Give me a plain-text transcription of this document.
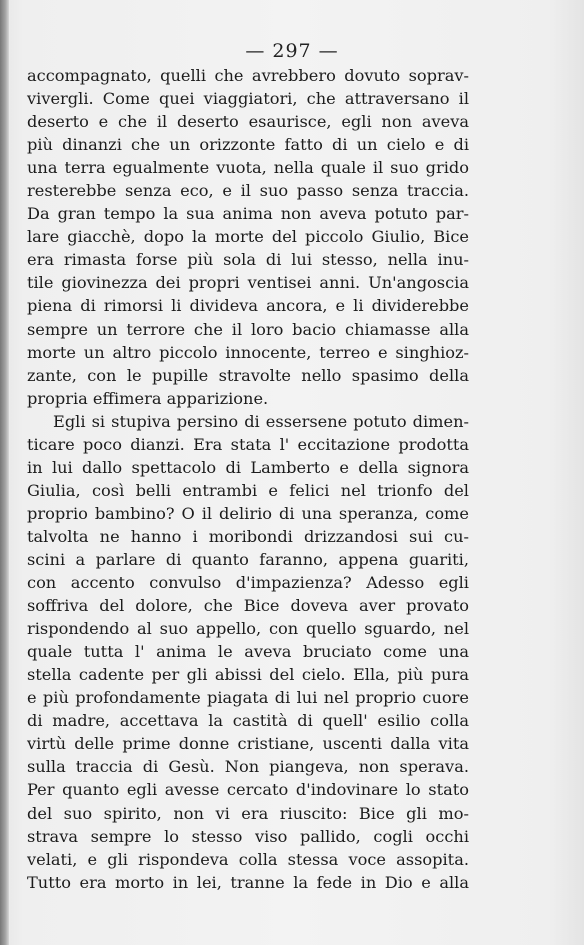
— 297 —
accompagnato, quelli che avrebbero dovuto soprav-
vivergli. Come quei viaggiatori, che attraversano il
deserto e che il deserto esaurisce, egli non aveva
più dinanzi che un orizzonte fatto di un cielo e di
una terra egualmente vuota, nella quale il suo grido
resterebbe senza eco, e il suo passo senza traccia.
Da gran tempo la sua anima non aveva potuto par-
lare giacchè, dopo la morte del piccolo Giulio, Bice
era rimasta forse più sola di lui stesso, nella inu-
tile giovinezza dei propri ventisei anni. Un'angoscia
piena di rimorsi li divideva ancora, e li dividerebbe
sempre un terrore che il loro bacio chiamasse alla
morte un altro piccolo innocente, terreo e singhioz-
zante, con le pupille stravolte nello spasimo della
propria effimera apparizione.
Egli si stupiva persino di essersene potuto dimen-
ticare poco dianzi. Era stata l' eccitazione prodotta
in lui dallo spettacolo di Lamberto e della signora
Giulia, così belli entrambi e felici nel trionfo del
proprio bambino? O il delirio di una speranza, come
talvolta ne hanno i moribondi drizzandosi sui cu-
scini a parlare di quanto faranno, appena guariti,
con accento convulso d'impazienza? Adesso egli
soffriva del dolore, che Bice doveva aver provato
rispondendo al suo appello, con quello sguardo, nel
quale tutta l' anima le aveva bruciato come una
stella cadente per gli abissi del cielo. Ella, più pura
e più profondamente piagata di lui nel proprio cuore
di madre, accettava la castità di quell' esilio colla
virtù delle prime donne cristiane, uscenti dalla vita
sulla traccia di Gesù. Non piangeva, non sperava.
Per quanto egli avesse cercato d'indovinare lo stato
del suo spirito, non vi era riuscito: Bice gli mo-
strava sempre lo stesso viso pallido, cogli occhi
velati, e gli rispondeva colla stessa voce assopita.
Tutto era morto in lei, tranne la fede in Dio e alla
